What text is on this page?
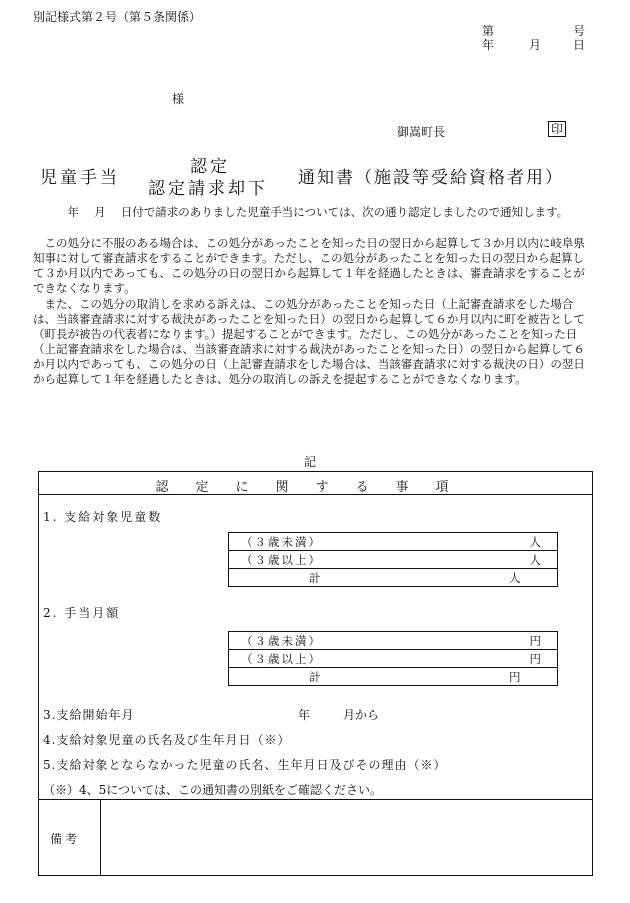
別記様式第２号（第５条関係）
第	号
年	月	日
様
御嵩町長	印
児童手当
認定
認定請求却下
通知書（施設等受給資格者用）
　　　年　 月　 日付で請求のありました児童手当については、次の通り認定しましたので通知します。
　この処分に不服のある場合は、この処分があったことを知った日の翌日から起算して３か月以内に岐阜県知事に対して審査請求をすることができます。ただし、この処分があったことを知った日の翌日から起算して３か月以内であっても、この処分の日の翌日から起算して１年を経過したときは、審査請求をすることができなくなります。
　また、この処分の取消しを求める訴えは、この処分があったことを知った日（上記審査請求をした場合は、当該審査請求に対する裁決があったことを知った日）の翌日から起算して６か月以内に町を被告として（町長が被告の代表者になります。）提起することができます。ただし、この処分があったことを知った日（上記審査請求をした場合は、当該審査請求に対する裁決があったことを知った日）の翌日から起算して６か月以内であっても、この処分の日（上記審査請求をした場合は、当該審査請求に対する裁決の日）の翌日から起算して１年を経過したときは、処分の取消しの訴えを提起することができなくなります。
記
認定に関する事項
1. 支給対象児童数
（３歳未満）	人
（３歳以上）	人
計	人
2. 手当月額
（３歳未満）	円
（３歳以上）	円
計	円
3.支給開始年月	年	月から
4.支給対象児童の氏名及び生年月日（※）
5.支給対象とならなかった児童の氏名、生年月日及びその理由（※）
（※）4、5については、この通知書の別紙をご確認ください。
備考
